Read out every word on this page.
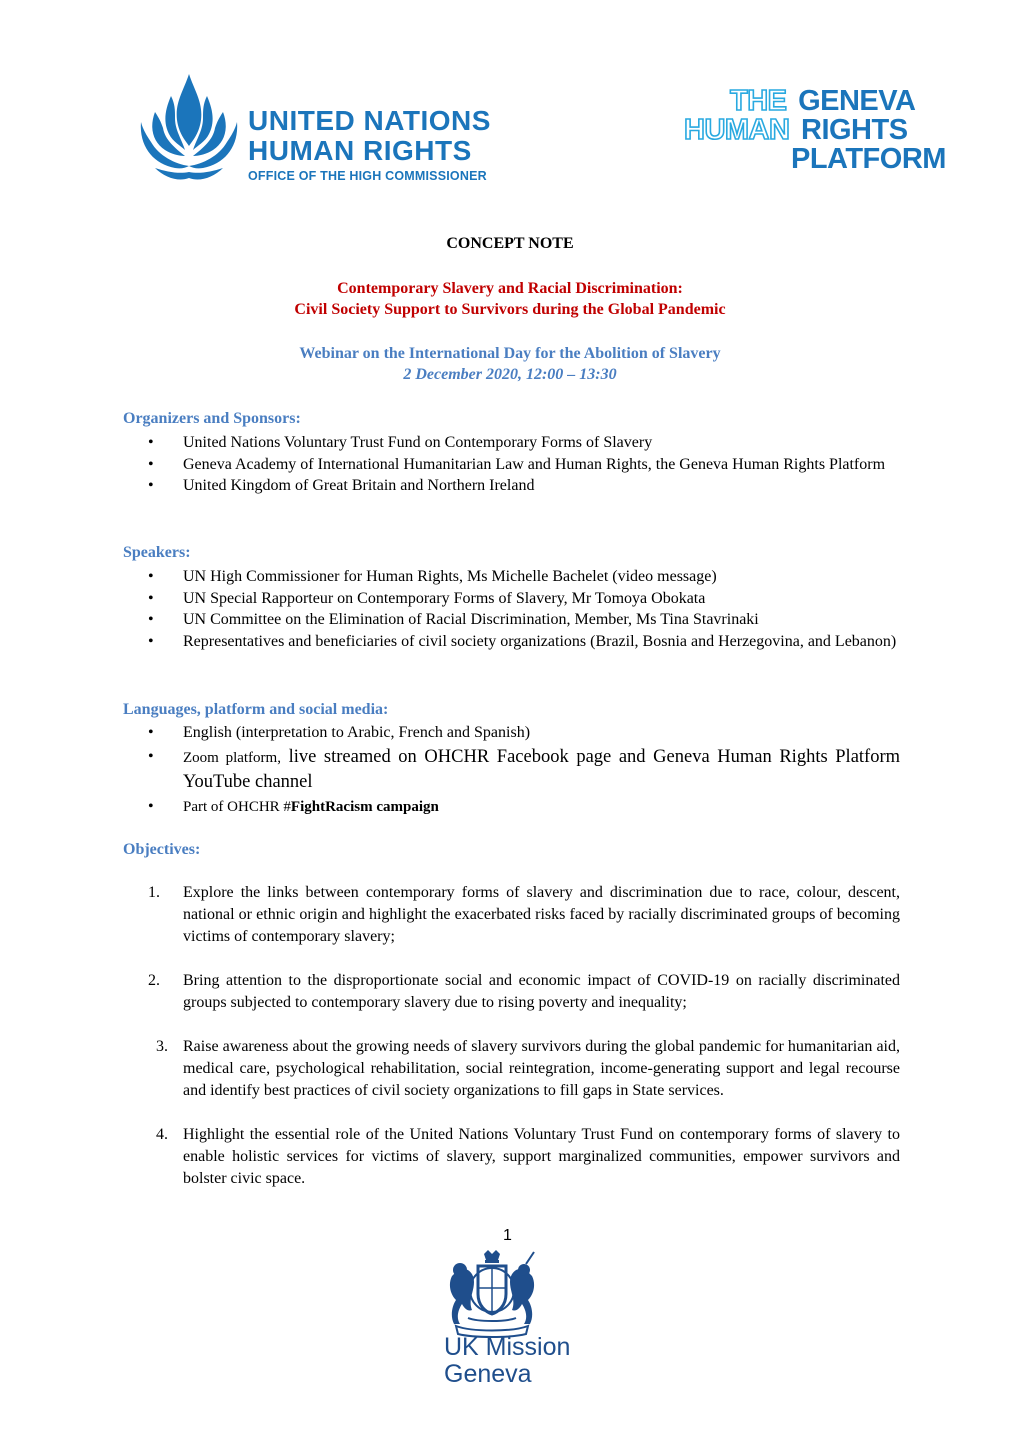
UNITED NATIONS
HUMAN RIGHTS
OFFICE OF THE HIGH COMMISSIONER
THE GENEVA
HUMAN RIGHTS
PLATFORM
CONCEPT NOTE
Contemporary Slavery and Racial Discrimination:
Civil Society Support to Survivors during the Global Pandemic
Webinar on the International Day for the Abolition of Slavery
2 December 2020, 12:00 – 13:30
Organizers and Sponsors:
• United Nations Voluntary Trust Fund on Contemporary Forms of Slavery
• Geneva Academy of International Humanitarian Law and Human Rights, the Geneva Human Rights Platform
• United Kingdom of Great Britain and Northern Ireland
Speakers:
• UN High Commissioner for Human Rights, Ms Michelle Bachelet (video message)
• UN Special Rapporteur on Contemporary Forms of Slavery, Mr Tomoya Obokata
• UN Committee on the Elimination of Racial Discrimination, Member, Ms Tina Stavrinaki
• Representatives and beneficiaries of civil society organizations (Brazil, Bosnia and Herzegovina, and Lebanon)
Languages, platform and social media:
• English (interpretation to Arabic, French and Spanish)
• Zoom platform, live streamed on OHCHR Facebook page and Geneva Human Rights Platform YouTube channel
• Part of OHCHR #FightRacism campaign
Objectives:
1. Explore the links between contemporary forms of slavery and discrimination due to race, colour, descent, national or ethnic origin and highlight the exacerbated risks faced by racially discriminated groups of becoming victims of contemporary slavery;
2. Bring attention to the disproportionate social and economic impact of COVID-19 on racially discriminated groups subjected to contemporary slavery due to rising poverty and inequality;
3. Raise awareness about the growing needs of slavery survivors during the global pandemic for humanitarian aid, medical care, psychological rehabilitation, social reintegration, income-generating support and legal recourse and identify best practices of civil society organizations to fill gaps in State services.
4. Highlight the essential role of the United Nations Voluntary Trust Fund on contemporary forms of slavery to enable holistic services for victims of slavery, support marginalized communities, empower survivors and bolster civic space.
1
UK Mission
Geneva
